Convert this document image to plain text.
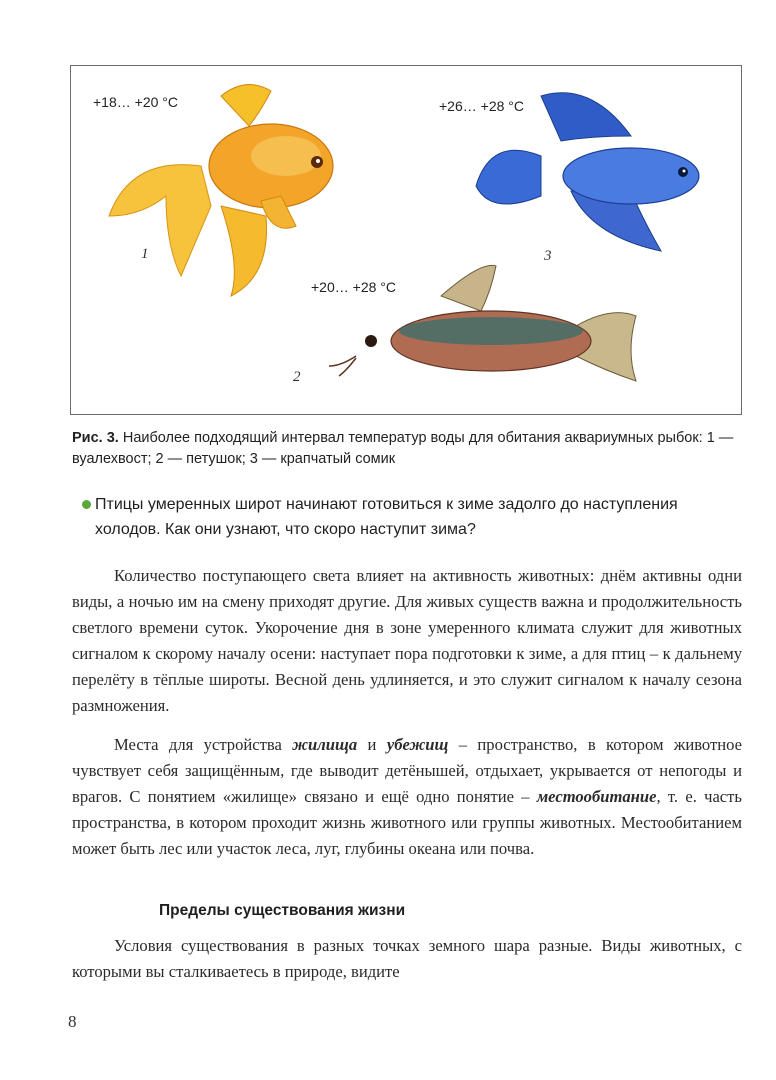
+18… +20 °C	+26… +28 °C
+20… +28 °C
1
2
3
Рис. 3. Наиболее подходящий интервал температур воды для обитания аквариумных рыбок: 1 — вуалехвост; 2 — петушок; 3 — крапчатый сомик
Птицы умеренных широт начинают готовиться к зиме задолго до наступления холодов. Как они узнают, что скоро наступит зима?

Количество поступающего света влияет на активность животных: днём активны одни виды, а ночью им на смену приходят другие. Для живых существ важна и продолжительность светлого времени суток. Укорочение дня в зоне умеренного климата служит для животных сигналом к скорому началу осени: наступает пора подготовки к зиме, а для птиц – к дальнему перелёту в тёплые широты. Весной день удлиняется, и это служит сигналом к началу сезона размножения.

Места для устройства жилища и убежищ – пространство, в котором животное чувствует себя защищённым, где выводит детёнышей, отдыхает, укрывается от непогоды и врагов. С понятием «жилище» связано и ещё одно понятие – местообитание, т. е. часть пространства, в котором проходит жизнь животного или группы животных. Местообитанием может быть лес или участок леса, луг, глубины океана или почва.

Пределы существования жизни

Условия существования в разных точках земного шара разные. Виды животных, с которыми вы сталкиваетесь в природе, видите

8
